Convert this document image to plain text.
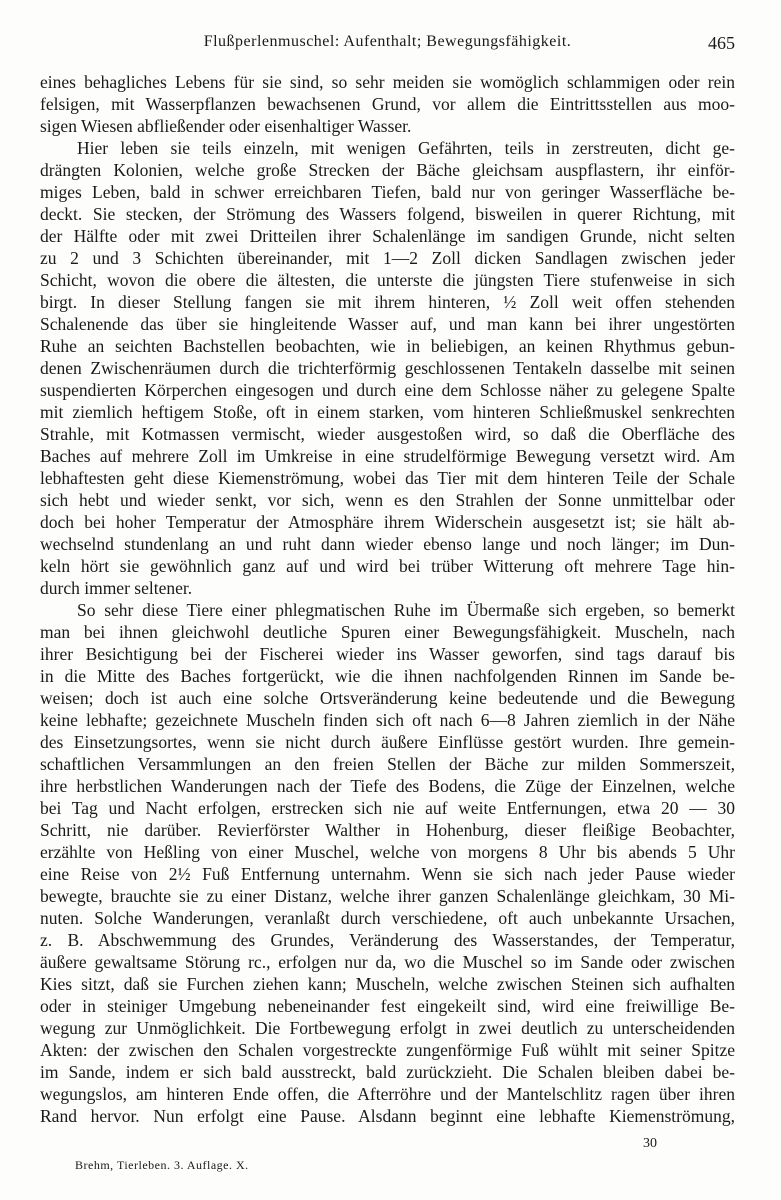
Flußperlenmuschel: Aufenthalt; Bewegungsfähigkeit.	465
eines behagliches Lebens für sie sind, so sehr meiden sie womöglich schlammigen oder rein
felsigen, mit Wasserpflanzen bewachsenen Grund, vor allem die Eintrittsstellen aus moo-
sigen Wiesen abfließender oder eisenhaltiger Wasser.
Hier leben sie teils einzeln, mit wenigen Gefährten, teils in zerstreuten, dicht ge-
drängten Kolonien, welche große Strecken der Bäche gleichsam auspflastern, ihr einför-
miges Leben, bald in schwer erreichbaren Tiefen, bald nur von geringer Wasserfläche be-
deckt. Sie stecken, der Strömung des Wassers folgend, bisweilen in querer Richtung, mit
der Hälfte oder mit zwei Dritteilen ihrer Schalenlänge im sandigen Grunde, nicht selten
zu 2 und 3 Schichten übereinander, mit 1—2 Zoll dicken Sandlagen zwischen jeder
Schicht, wovon die obere die ältesten, die unterste die jüngsten Tiere stufenweise in sich
birgt. In dieser Stellung fangen sie mit ihrem hinteren, ½ Zoll weit offen stehenden
Schalenende das über sie hingleitende Wasser auf, und man kann bei ihrer ungestörten
Ruhe an seichten Bachstellen beobachten, wie in beliebigen, an keinen Rhythmus gebun-
denen Zwischenräumen durch die trichterförmig geschlossenen Tentakeln dasselbe mit seinen
suspendierten Körperchen eingesogen und durch eine dem Schlosse näher zu gelegene Spalte
mit ziemlich heftigem Stoße, oft in einem starken, vom hinteren Schließmuskel senkrechten
Strahle, mit Kotmassen vermischt, wieder ausgestoßen wird, so daß die Oberfläche des
Baches auf mehrere Zoll im Umkreise in eine strudelförmige Bewegung versetzt wird. Am
lebhaftesten geht diese Kiemenströmung, wobei das Tier mit dem hinteren Teile der Schale
sich hebt und wieder senkt, vor sich, wenn es den Strahlen der Sonne unmittelbar oder
doch bei hoher Temperatur der Atmosphäre ihrem Widerschein ausgesetzt ist; sie hält ab-
wechselnd stundenlang an und ruht dann wieder ebenso lange und noch länger; im Dun-
keln hört sie gewöhnlich ganz auf und wird bei trüber Witterung oft mehrere Tage hin-
durch immer seltener.
So sehr diese Tiere einer phlegmatischen Ruhe im Übermaße sich ergeben, so bemerkt
man bei ihnen gleichwohl deutliche Spuren einer Bewegungsfähigkeit. Muscheln, nach
ihrer Besichtigung bei der Fischerei wieder ins Wasser geworfen, sind tags darauf bis
in die Mitte des Baches fortgerückt, wie die ihnen nachfolgenden Rinnen im Sande be-
weisen; doch ist auch eine solche Ortsveränderung keine bedeutende und die Bewegung
keine lebhafte; gezeichnete Muscheln finden sich oft nach 6—8 Jahren ziemlich in der Nähe
des Einsetzungsortes, wenn sie nicht durch äußere Einflüsse gestört wurden. Ihre gemein-
schaftlichen Versammlungen an den freien Stellen der Bäche zur milden Sommerszeit,
ihre herbstlichen Wanderungen nach der Tiefe des Bodens, die Züge der Einzelnen, welche
bei Tag und Nacht erfolgen, erstrecken sich nie auf weite Entfernungen, etwa 20 — 30
Schritt, nie darüber. Revierförster Walther in Hohenburg, dieser fleißige Beobachter,
erzählte von Heßling von einer Muschel, welche von morgens 8 Uhr bis abends 5 Uhr
eine Reise von 2½ Fuß Entfernung unternahm. Wenn sie sich nach jeder Pause wieder
bewegte, brauchte sie zu einer Distanz, welche ihrer ganzen Schalenlänge gleichkam, 30 Mi-
nuten. Solche Wanderungen, veranlaßt durch verschiedene, oft auch unbekannte Ursachen,
z. B. Abschwemmung des Grundes, Veränderung des Wasserstandes, der Temperatur,
äußere gewaltsame Störung rc., erfolgen nur da, wo die Muschel so im Sande oder zwischen
Kies sitzt, daß sie Furchen ziehen kann; Muscheln, welche zwischen Steinen sich aufhalten
oder in steiniger Umgebung nebeneinander fest eingekeilt sind, wird eine freiwillige Be-
wegung zur Unmöglichkeit. Die Fortbewegung erfolgt in zwei deutlich zu unterscheidenden
Akten: der zwischen den Schalen vorgestreckte zungenförmige Fuß wühlt mit seiner Spitze
im Sande, indem er sich bald ausstreckt, bald zurückzieht. Die Schalen bleiben dabei be-
wegungslos, am hinteren Ende offen, die Afterröhre und der Mantelschlitz ragen über ihren
Rand hervor. Nun erfolgt eine Pause. Alsdann beginnt eine lebhafte Kiemenströmung,
Brehm, Tierleben. 3. Auflage. X.
30
